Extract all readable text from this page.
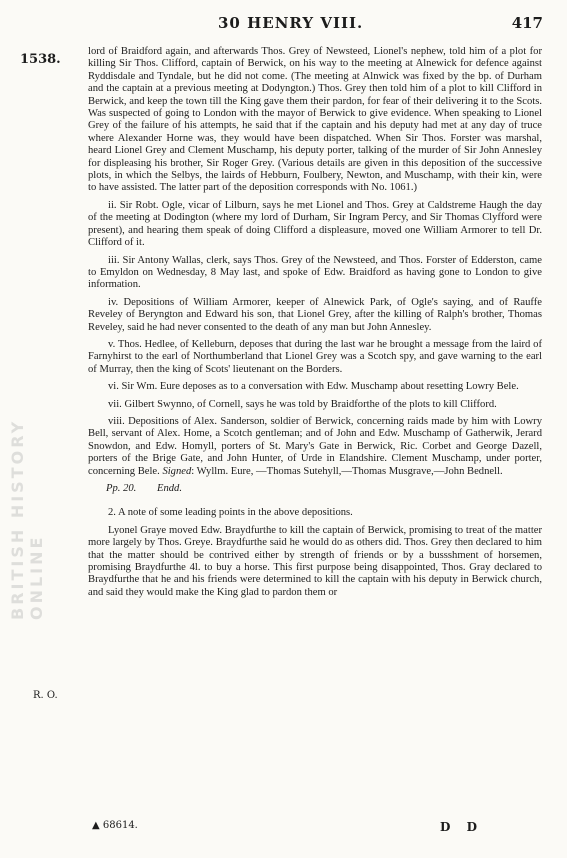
30 HENRY VIII.	417
1538.
BRITISH HISTORY ONLINE
R. O.

lord of Braidford again, and afterwards Thos. Grey of Newsteed, Lionel's nephew, told him of a plot for killing Sir Thos. Clifford, captain of Berwick, on his way to the meeting at Alnewick for defence against Ryddisdale and Tyndale, but he did not come. (The meeting at Alnwick was fixed by the bp. of Durham and the captain at a previous meeting at Dodyngton.) Thos. Grey then told him of a plot to kill Clifford in Berwick, and keep the town till the King gave them their pardon, for fear of their delivering it to the Scots. Was suspected of going to London with the mayor of Berwick to give evidence. When speaking to Lionel Grey of the failure of his attempts, he said that if the captain and his deputy had met at any day of truce where Alexander Horne was, they would have been dispatched. When Sir Thos. Forster was marshal, heard Lionel Grey and Clement Muschamp, his deputy porter, talking of the murder of Sir John Annesley for displeasing his brother, Sir Roger Grey. (Various details are given in this deposition of the successive plots, in which the Selbys, the lairds of Hebburn, Foulbery, Newton, and Muschamp, with their kin, were to have assisted. The latter part of the deposition corresponds with No. 1061.)

ii. Sir Robt. Ogle, vicar of Lilburn, says he met Lionel and Thos. Grey at Caldstreme Haugh the day of the meeting at Dodington (where my lord of Durham, Sir Ingram Percy, and Sir Thomas Clyfford were present), and hearing them speak of doing Clifford a displeasure, moved one William Armorer to tell Dr. Clifford of it.

iii. Sir Antony Wallas, clerk, says Thos. Grey of the Newsteed, and Thos. Forster of Edderston, came to Emyldon on Wednesday, 8 May last, and spoke of Edw. Braidford as having gone to London to give information.

iv. Depositions of William Armorer, keeper of Alnewick Park, of Ogle's saying, and of Rauffe Reveley of Beryngton and Edward his son, that Lionel Grey, after the killing of Ralph's brother, Thomas Reveley, said he had never consented to the death of any man but John Annesley.

v. Thos. Hedlee, of Kelleburn, deposes that during the last war he brought a message from the laird of Farnyhirst to the earl of Northumberland that Lionel Grey was a Scotch spy, and gave warning to the earl of Murray, then the king of Scots' lieutenant on the Borders.

vi. Sir Wm. Eure deposes as to a conversation with Edw. Muschamp about resetting Lowry Bele.

vii. Gilbert Swynno, of Cornell, says he was told by Braidforthe of the plots to kill Clifford.

viii. Depositions of Alex. Sanderson, soldier of Berwick, concerning raids made by him with Lowry Bell, servant of Alex. Home, a Scotch gentleman; and of John and Edw. Muschamp of Gatherwik, Jerard Snowdon, and Edw. Homyll, porters of St. Mary's Gate in Berwick, Ric. Corbet and George Dazell, porters of the Brige Gate, and John Hunter, of Urde in Elandshire. Clement Muschamp, under porter, concerning Bele. Signed: Wyllm. Eure, —Thomas Sutehyll,—Thomas Musgrave,—John Bednell.

Pp. 20. Endd.

2. A note of some leading points in the above depositions.

Lyonel Graye moved Edw. Braydfurthe to kill the captain of Berwick, promising to treat of the matter more largely by Thos. Greye. Braydfurthe said he would do as others did. Thos. Grey then declared to him that the matter should be contrived either by strength of friends or by a bussshment of horsemen, promising Braydfurthe 4l. to buy a horse. This first purpose being disappointed, Thos. Gray declared to Braydfurthe that he and his friends were determined to kill the captain with his deputy in Berwick church, and said they would make the King glad to pardon them or

▲ 68614.	D D
